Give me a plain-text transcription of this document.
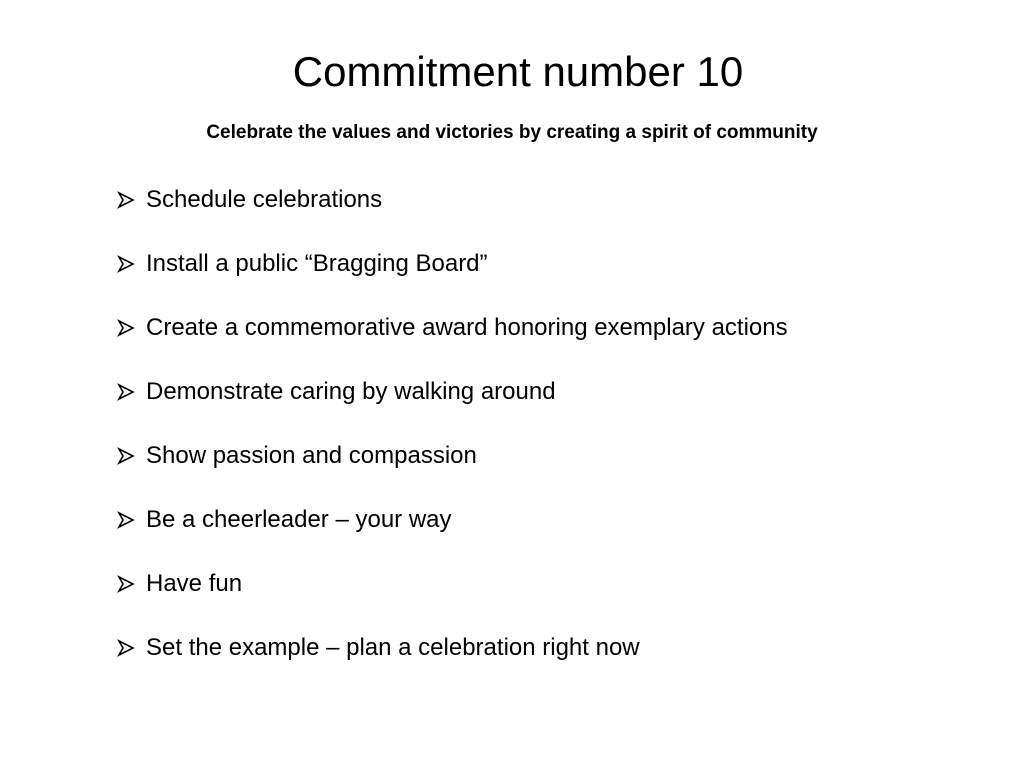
Commitment number 10

Celebrate the values and victories by creating a spirit of community

Schedule celebrations
Install a public “Bragging Board”
Create a commemorative award honoring exemplary actions
Demonstrate caring by walking around
Show passion and compassion
Be a cheerleader – your way
Have fun
Set the example – plan a celebration right now
